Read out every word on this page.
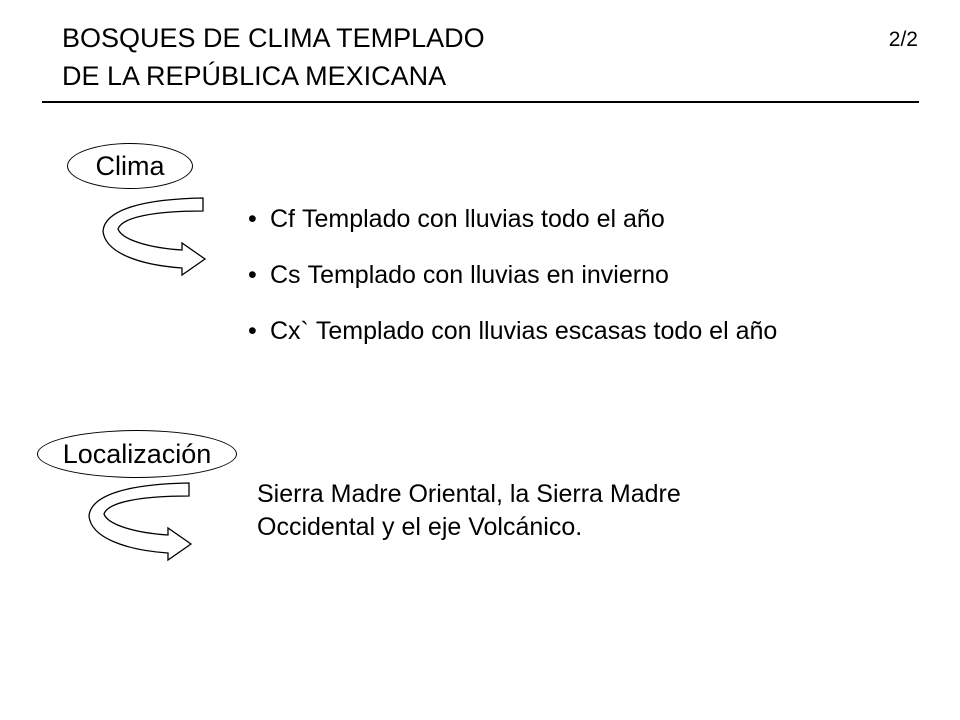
BOSQUES DE CLIMA TEMPLADO
DE LA REPÚBLICA MEXICANA
2/2
Clima
• Cf Templado con lluvias todo el año
• Cs Templado con lluvias en invierno
• Cx` Templado con lluvias escasas todo el año
Localización
Sierra Madre Oriental, la Sierra Madre
Occidental y el eje Volcánico.
